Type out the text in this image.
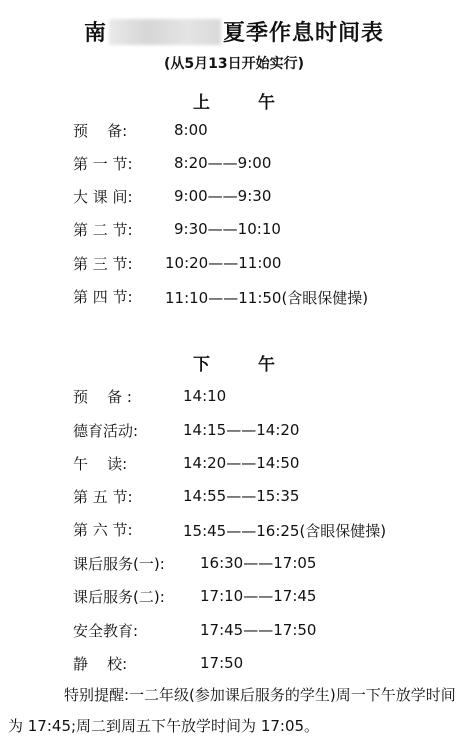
南	夏季作息时间表
(从5月13日开始实行)
上	午
预    备:	8:00
第 一 节:	8:20——9:00
大 课 间:	9:00——9:30
第 二 节:	9:30——10:10
第 三 节: 10:20——11:00
第 四 节: 11:10——11:50(含眼保健操)
下	午
预    备 :	14:10
德育活动:	14:15——14:20
午    读:	14:20——14:50
第 五 节:	14:55——15:35
第 六 节:	15:45——16:25(含眼保健操)
课后服务(一): 16:30——17:05
课后服务(二): 17:10——17:45
安全教育:	17:45——17:50
静    校:	17:50
特别提醒:一二年级(参加课后服务的学生)周一下午放学时间为 17:45;周二到周五下午放学时间为 17:05。
